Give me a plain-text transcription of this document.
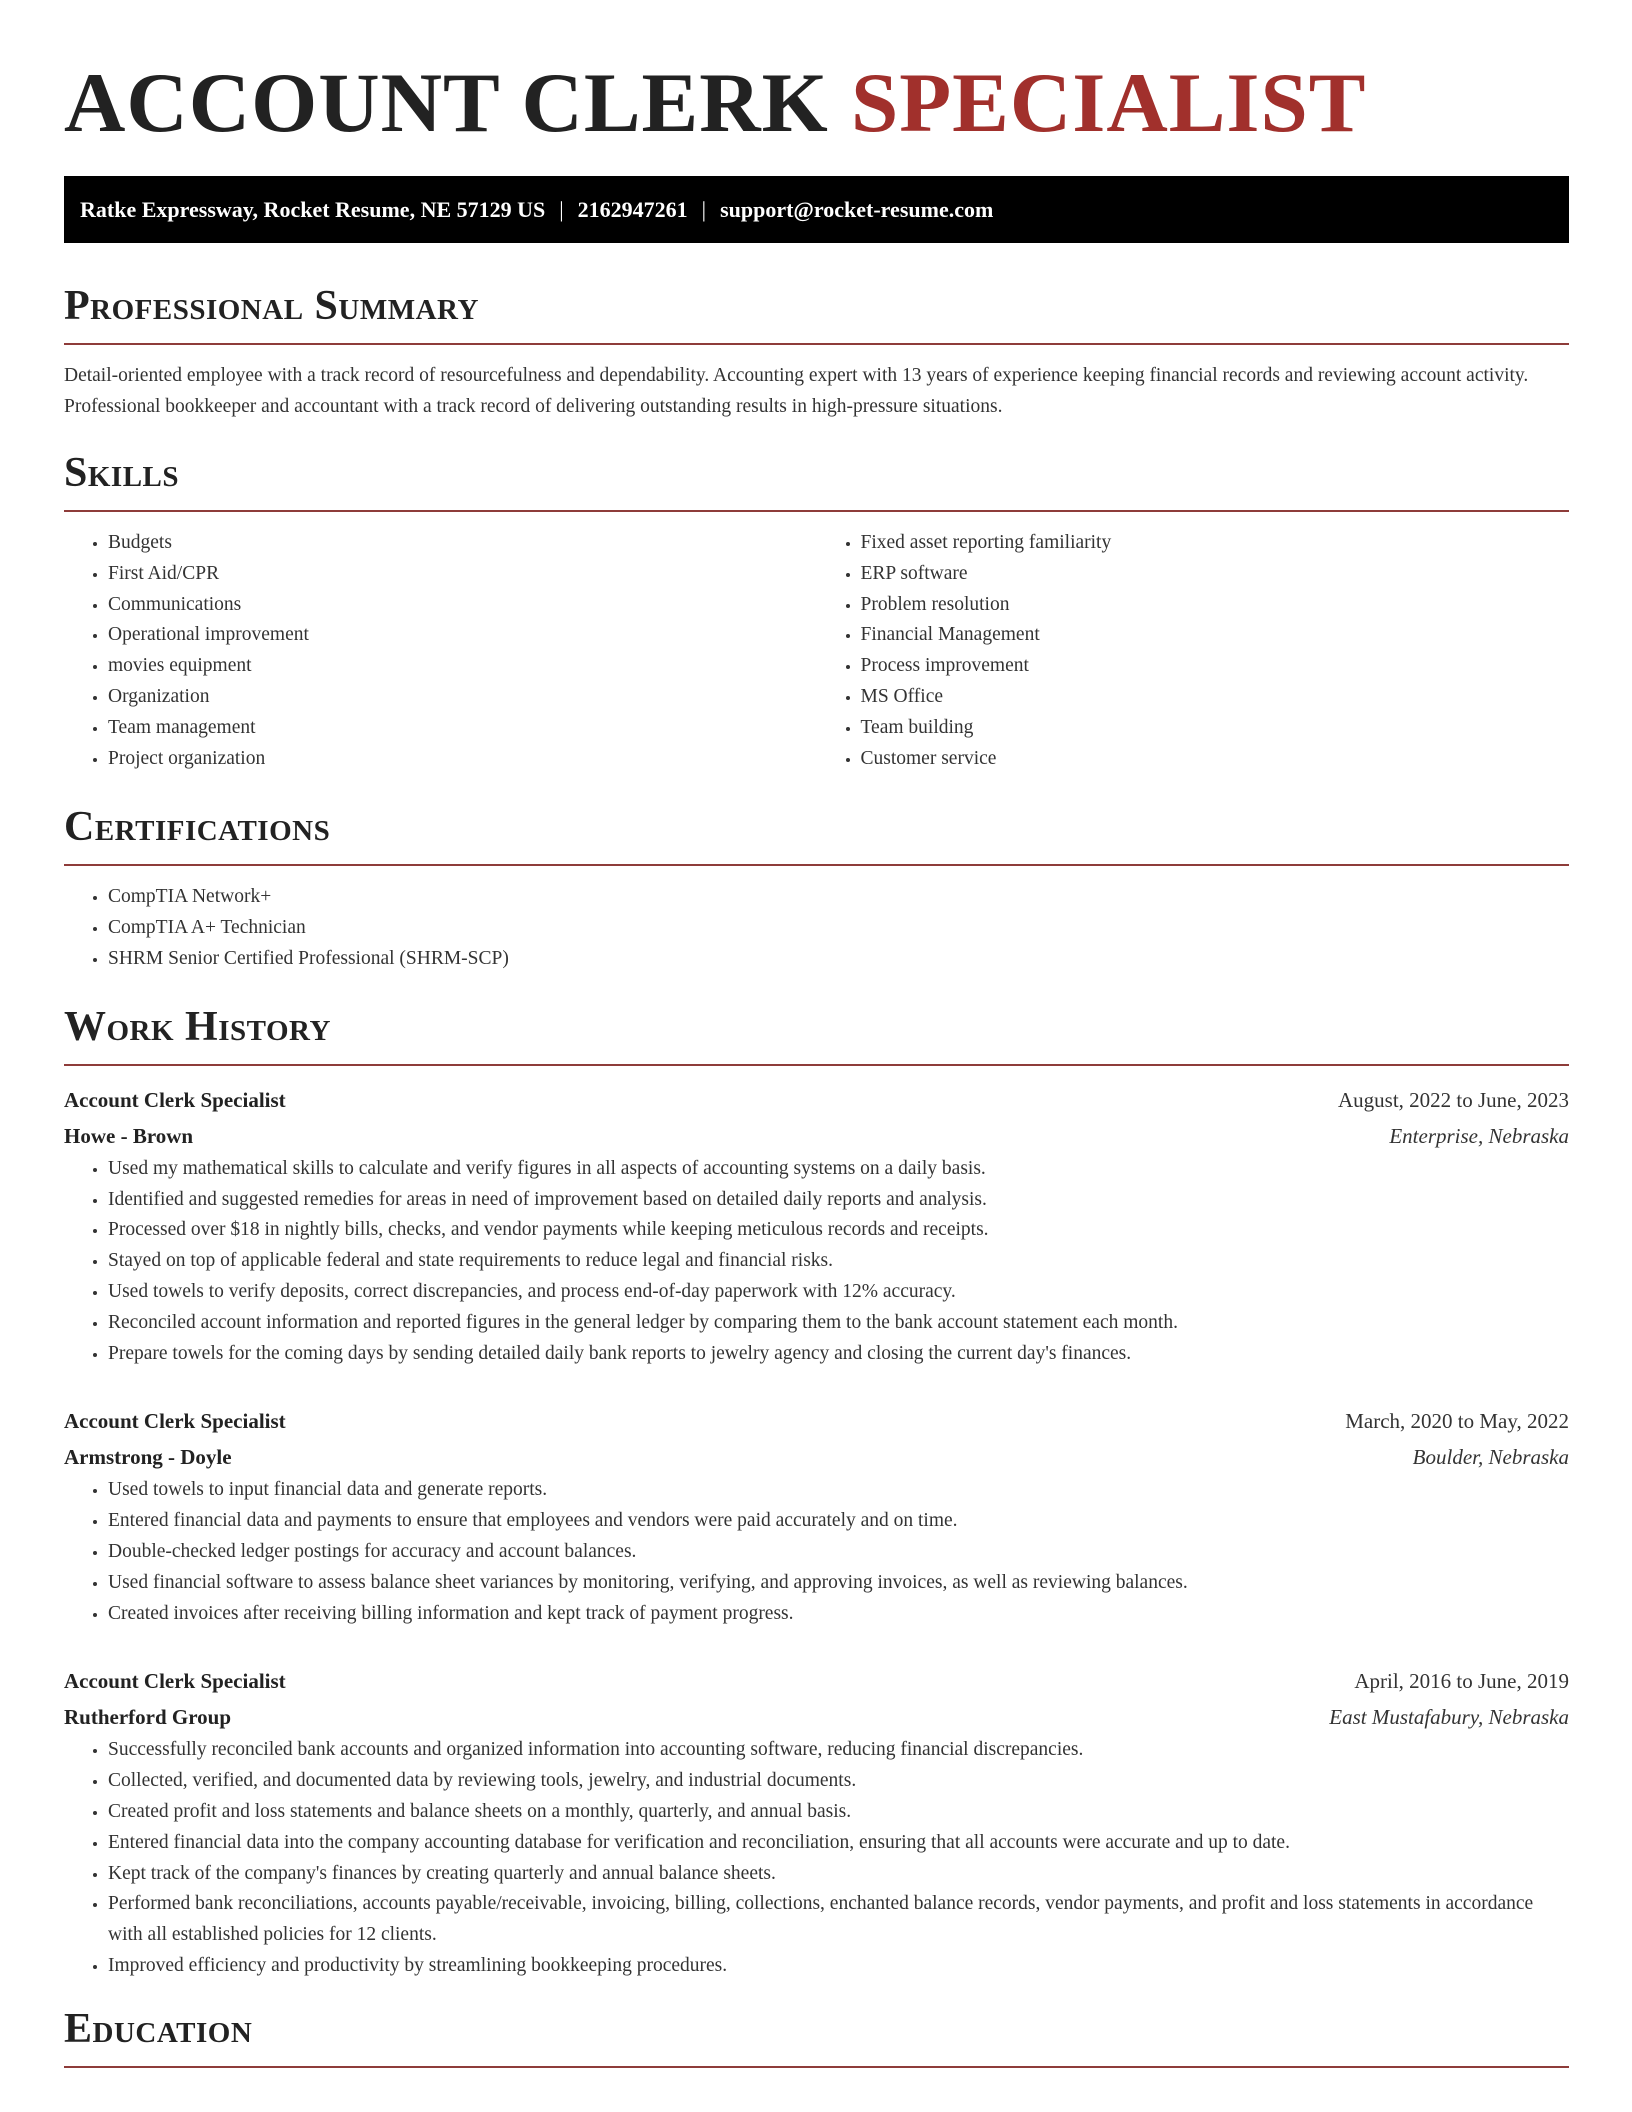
ACCOUNT CLERK SPECIALIST
Ratke Expressway, Rocket Resume, NE 57129 US | 2162947261 | support@rocket-resume.com
Professional Summary

Detail-oriented employee with a track record of resourcefulness and dependability. Accounting expert with 13 years of experience keeping financial records and reviewing account activity. Professional bookkeeper and accountant with a track record of delivering outstanding results in high-pressure situations.

Skills
• Budgets
• First Aid/CPR
• Communications
• Operational improvement
• movies equipment
• Organization
• Team management
• Project organization
• Fixed asset reporting familiarity
• ERP software
• Problem resolution
• Financial Management
• Process improvement
• MS Office
• Team building
• Customer service
Certifications
• CompTIA Network+
• CompTIA A+ Technician
• SHRM Senior Certified Professional (SHRM-SCP)
Work History
Account Clerk Specialist	August, 2022 to June, 2023
Howe - Brown	Enterprise, Nebraska
• Used my mathematical skills to calculate and verify figures in all aspects of accounting systems on a daily basis.
• Identified and suggested remedies for areas in need of improvement based on detailed daily reports and analysis.
• Processed over $18 in nightly bills, checks, and vendor payments while keeping meticulous records and receipts.
• Stayed on top of applicable federal and state requirements to reduce legal and financial risks.
• Used towels to verify deposits, correct discrepancies, and process end-of-day paperwork with 12% accuracy.
• Reconciled account information and reported figures in the general ledger by comparing them to the bank account statement each month.
• Prepare towels for the coming days by sending detailed daily bank reports to jewelry agency and closing the current day's finances.
Account Clerk Specialist	March, 2020 to May, 2022
Armstrong - Doyle	Boulder, Nebraska
• Used towels to input financial data and generate reports.
• Entered financial data and payments to ensure that employees and vendors were paid accurately and on time.
• Double-checked ledger postings for accuracy and account balances.
• Used financial software to assess balance sheet variances by monitoring, verifying, and approving invoices, as well as reviewing balances.
• Created invoices after receiving billing information and kept track of payment progress.
Account Clerk Specialist	April, 2016 to June, 2019
Rutherford Group	East Mustafabury, Nebraska
• Successfully reconciled bank accounts and organized information into accounting software, reducing financial discrepancies.
• Collected, verified, and documented data by reviewing tools, jewelry, and industrial documents.
• Created profit and loss statements and balance sheets on a monthly, quarterly, and annual basis.
• Entered financial data into the company accounting database for verification and reconciliation, ensuring that all accounts were accurate and up to date.
• Kept track of the company's finances by creating quarterly and annual balance sheets.
• Performed bank reconciliations, accounts payable/receivable, invoicing, billing, collections, enchanted balance records, vendor payments, and profit and loss statements in accordance with all established policies for 12 clients.
• Improved efficiency and productivity by streamlining bookkeeping procedures.
Education
